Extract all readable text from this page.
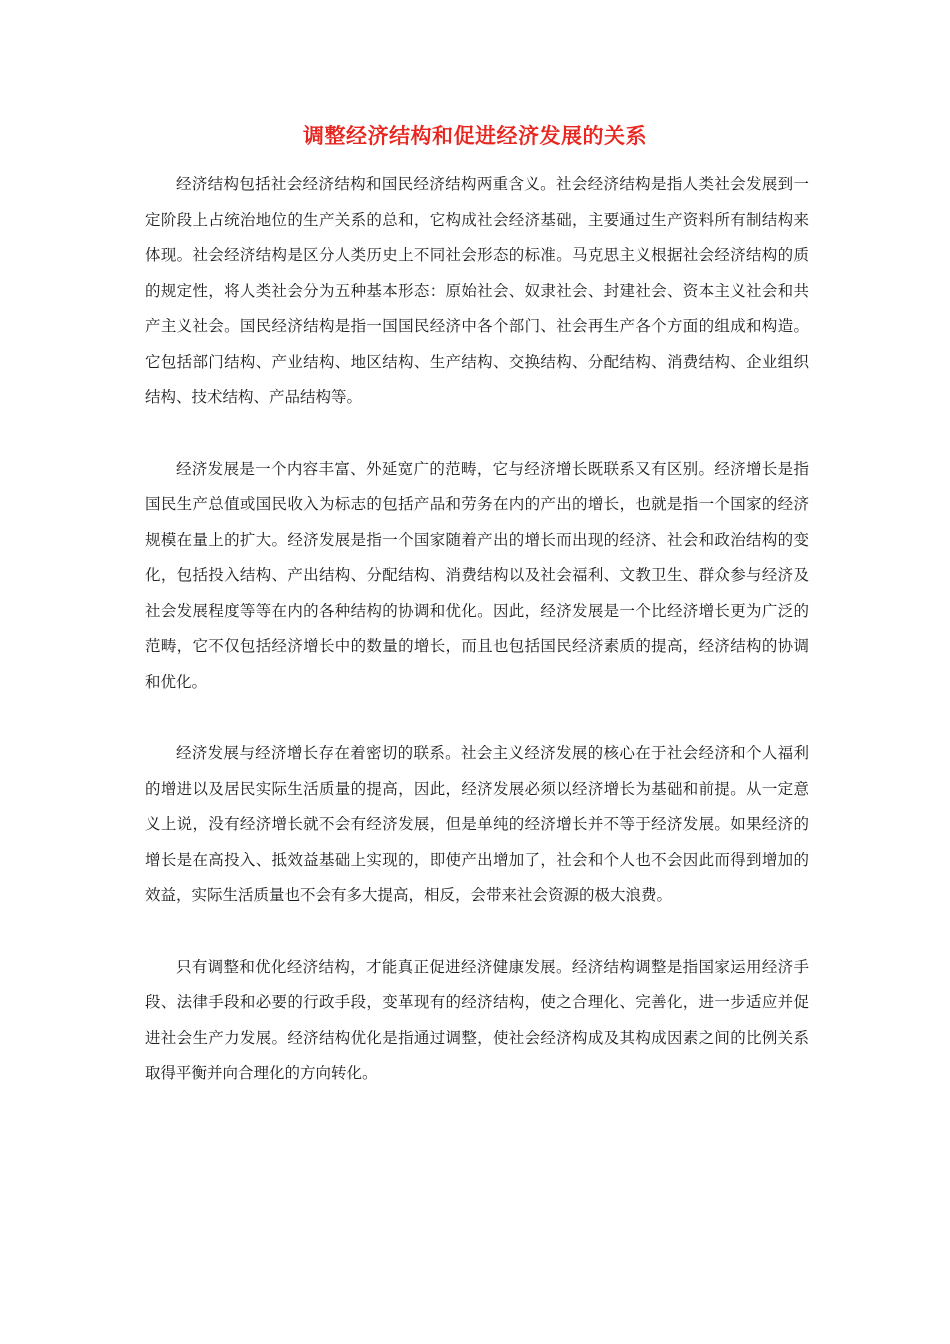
调整经济结构和促进经济发展的关系

经济结构包括社会经济结构和国民经济结构两重含义。社会经济结构是指人类社会发展到一定阶段上占统治地位的生产关系的总和，它构成社会经济基础，主要通过生产资料所有制结构来体现。社会经济结构是区分人类历史上不同社会形态的标准。马克思主义根据社会经济结构的质的规定性，将人类社会分为五种基本形态：原始社会、奴隶社会、封建社会、资本主义社会和共产主义社会。国民经济结构是指一国国民经济中各个部门、社会再生产各个方面的组成和构造。它包括部门结构、产业结构、地区结构、生产结构、交换结构、分配结构、消费结构、企业组织结构、技术结构、产品结构等。

经济发展是一个内容丰富、外延宽广的范畴，它与经济增长既联系又有区别。经济增长是指国民生产总值或国民收入为标志的包括产品和劳务在内的产出的增长，也就是指一个国家的经济规模在量上的扩大。经济发展是指一个国家随着产出的增长而出现的经济、社会和政治结构的变化，包括投入结构、产出结构、分配结构、消费结构以及社会福利、文教卫生、群众参与经济及社会发展程度等等在内的各种结构的协调和优化。因此，经济发展是一个比经济增长更为广泛的范畴，它不仅包括经济增长中的数量的增长，而且也包括国民经济素质的提高，经济结构的协调和优化。

经济发展与经济增长存在着密切的联系。社会主义经济发展的核心在于社会经济和个人福利的增进以及居民实际生活质量的提高，因此，经济发展必须以经济增长为基础和前提。从一定意义上说，没有经济增长就不会有经济发展，但是单纯的经济增长并不等于经济发展。如果经济的增长是在高投入、抵效益基础上实现的，即使产出增加了，社会和个人也不会因此而得到增加的效益，实际生活质量也不会有多大提高，相反，会带来社会资源的极大浪费。

只有调整和优化经济结构，才能真正促进经济健康发展。经济结构调整是指国家运用经济手段、法律手段和必要的行政手段，变革现有的经济结构，使之合理化、完善化，进一步适应并促进社会生产力发展。经济结构优化是指通过调整，使社会经济构成及其构成因素之间的比例关系取得平衡并向合理化的方向转化。
